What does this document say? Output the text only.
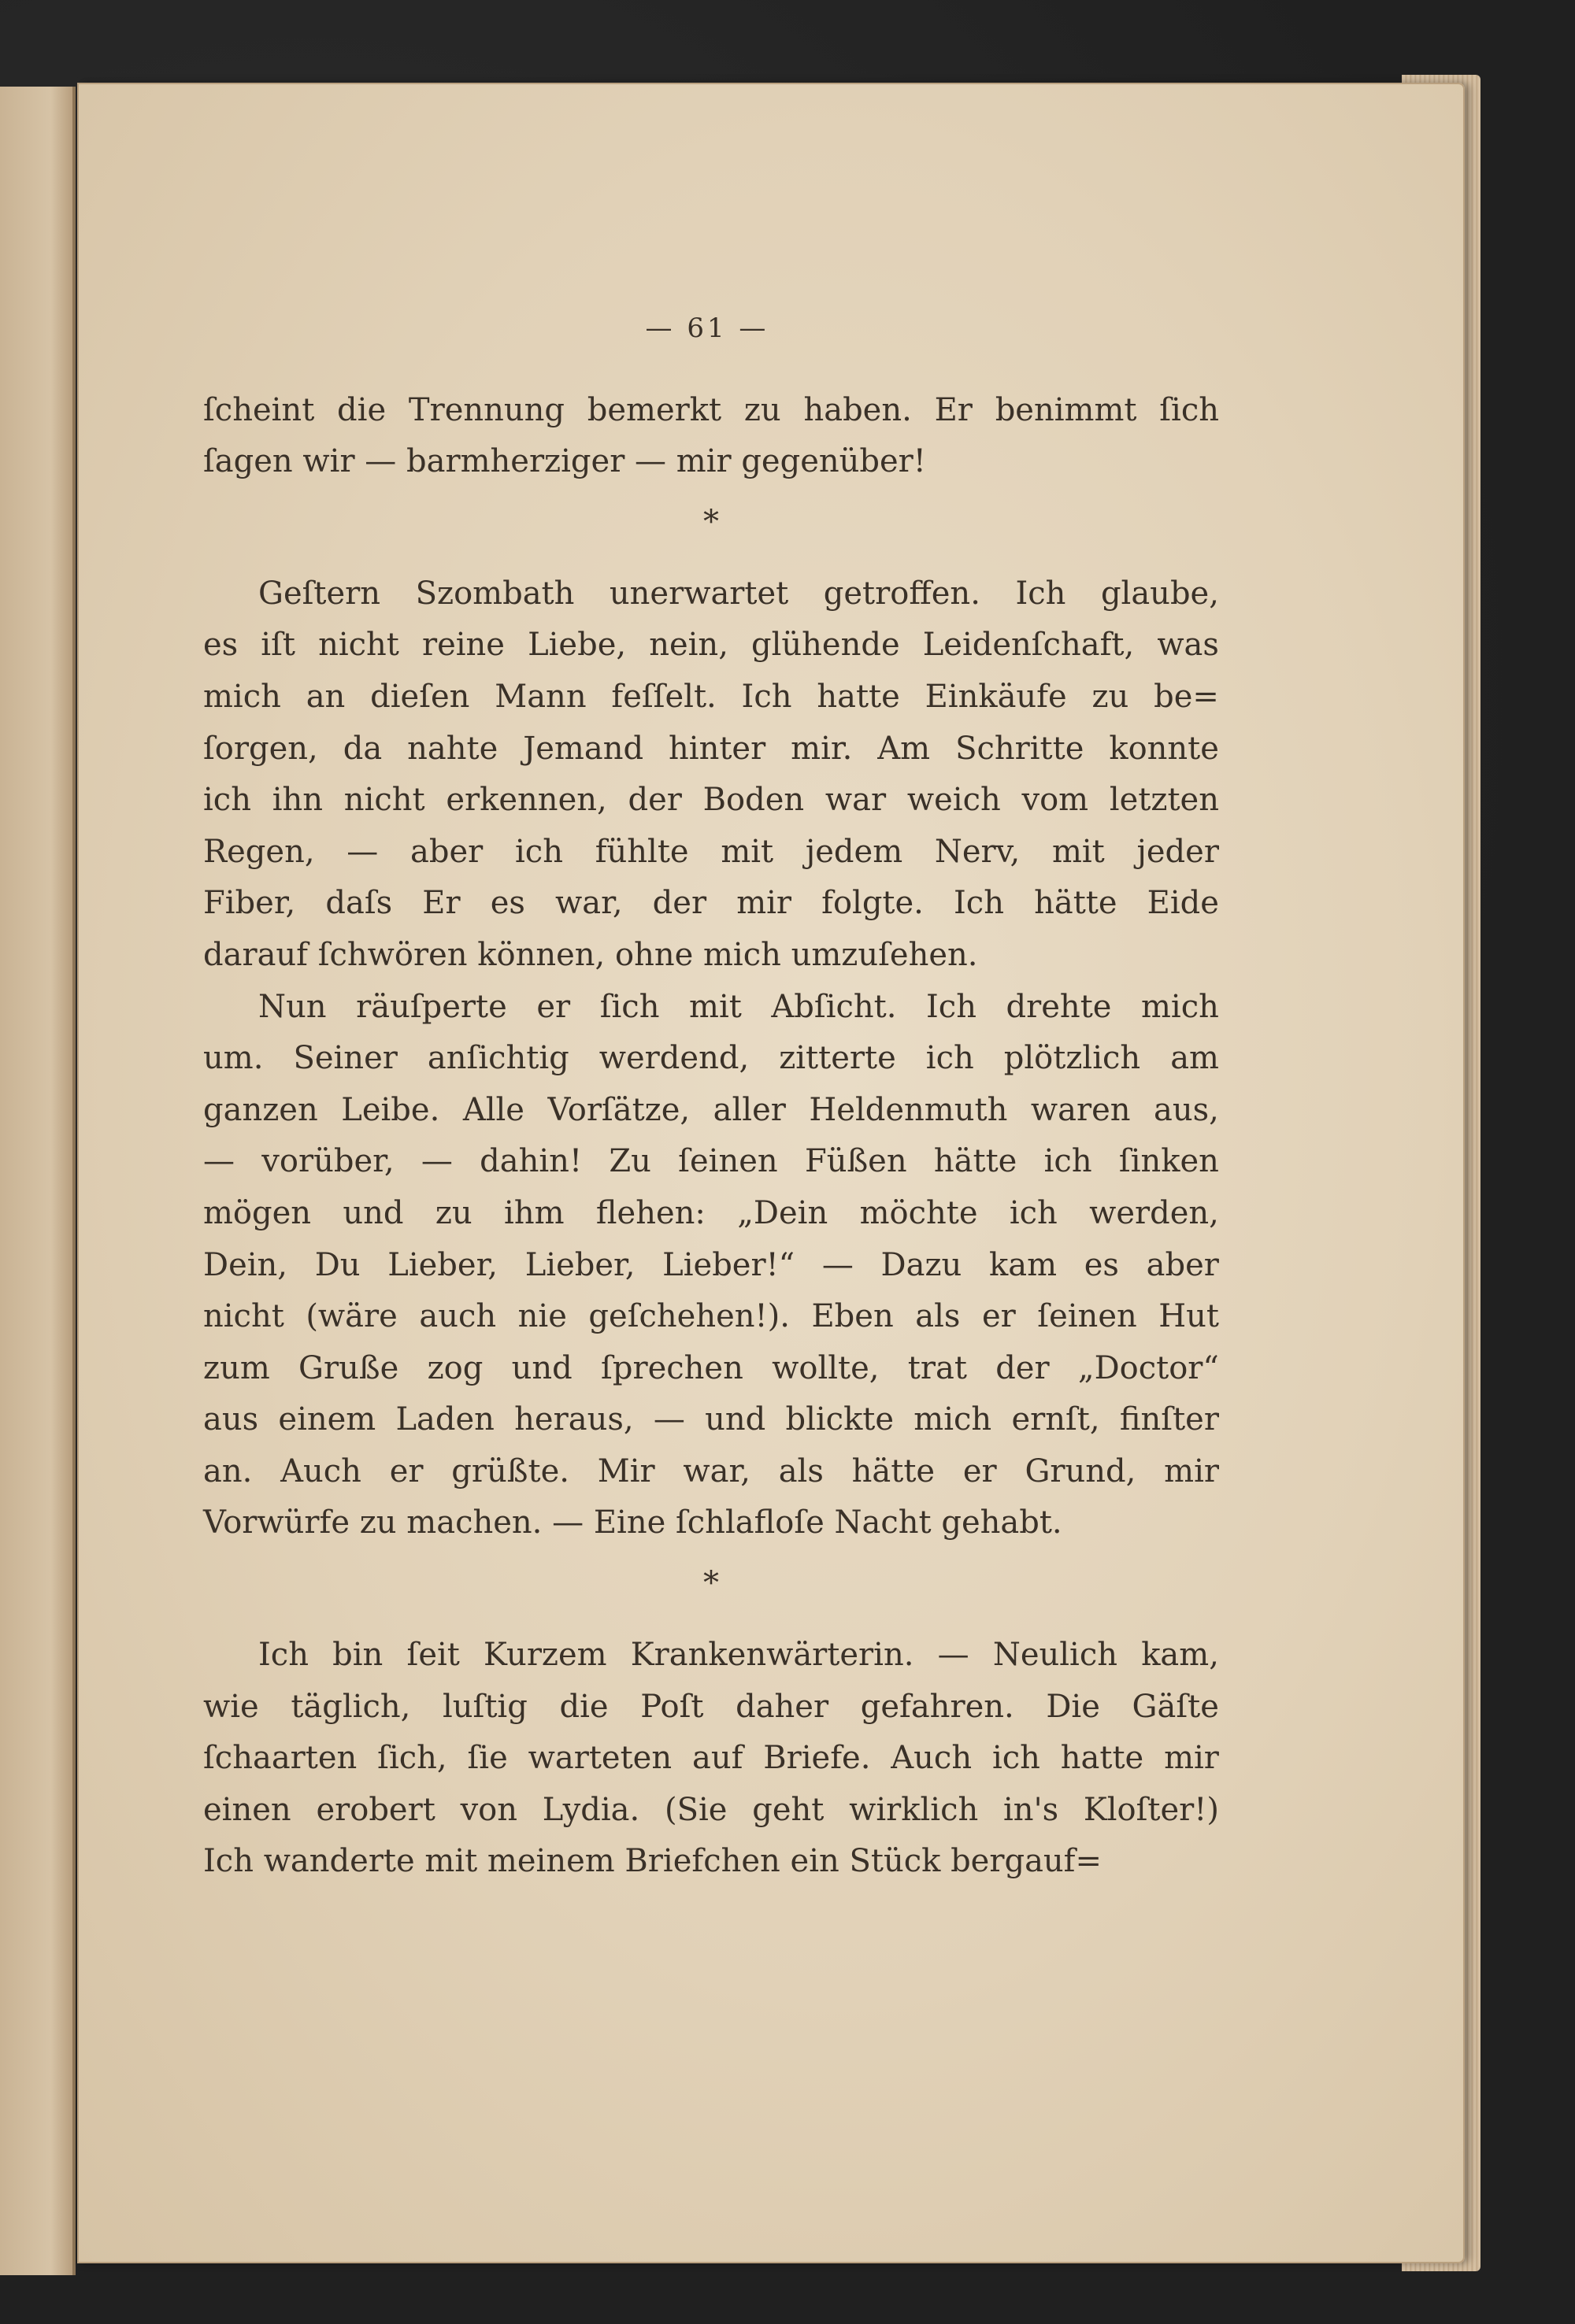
— 61 —
ſcheint die Trennung bemerkt zu haben. Er benimmt ſich
ſagen wir — barmherziger — mir gegenüber!
*
Geſtern Szombath unerwartet getroffen. Ich glaube,
es iſt nicht reine Liebe, nein, glühende Leidenſchaft, was
mich an dieſen Mann feſſelt. Ich hatte Einkäufe zu be=
ſorgen, da nahte Jemand hinter mir. Am Schritte konnte
ich ihn nicht erkennen, der Boden war weich vom letzten
Regen, — aber ich fühlte mit jedem Nerv, mit jeder
Fiber, daſs Er es war, der mir folgte. Ich hätte Eide
darauf ſchwören können, ohne mich umzuſehen.
Nun räuſperte er ſich mit Abſicht. Ich drehte mich
um. Seiner anſichtig werdend, zitterte ich plötzlich am
ganzen Leibe. Alle Vorſätze, aller Heldenmuth waren aus,
— vorüber, — dahin! Zu ſeinen Füßen hätte ich ſinken
mögen und zu ihm flehen: „Dein möchte ich werden,
Dein, Du Lieber, Lieber, Lieber!“ — Dazu kam es aber
nicht (wäre auch nie geſchehen!). Eben als er ſeinen Hut
zum Gruße zog und ſprechen wollte, trat der „Doctor“
aus einem Laden heraus, — und blickte mich ernſt, finſter
an. Auch er grüßte. Mir war, als hätte er Grund, mir
Vorwürfe zu machen. — Eine ſchlafloſe Nacht gehabt.
*
Ich bin ſeit Kurzem Krankenwärterin. — Neulich kam,
wie täglich, luſtig die Poſt daher gefahren. Die Gäſte
ſchaarten ſich, ſie warteten auf Briefe. Auch ich hatte mir
einen erobert von Lydia. (Sie geht wirklich in's Kloſter!)
Ich wanderte mit meinem Briefchen ein Stück bergauf=
